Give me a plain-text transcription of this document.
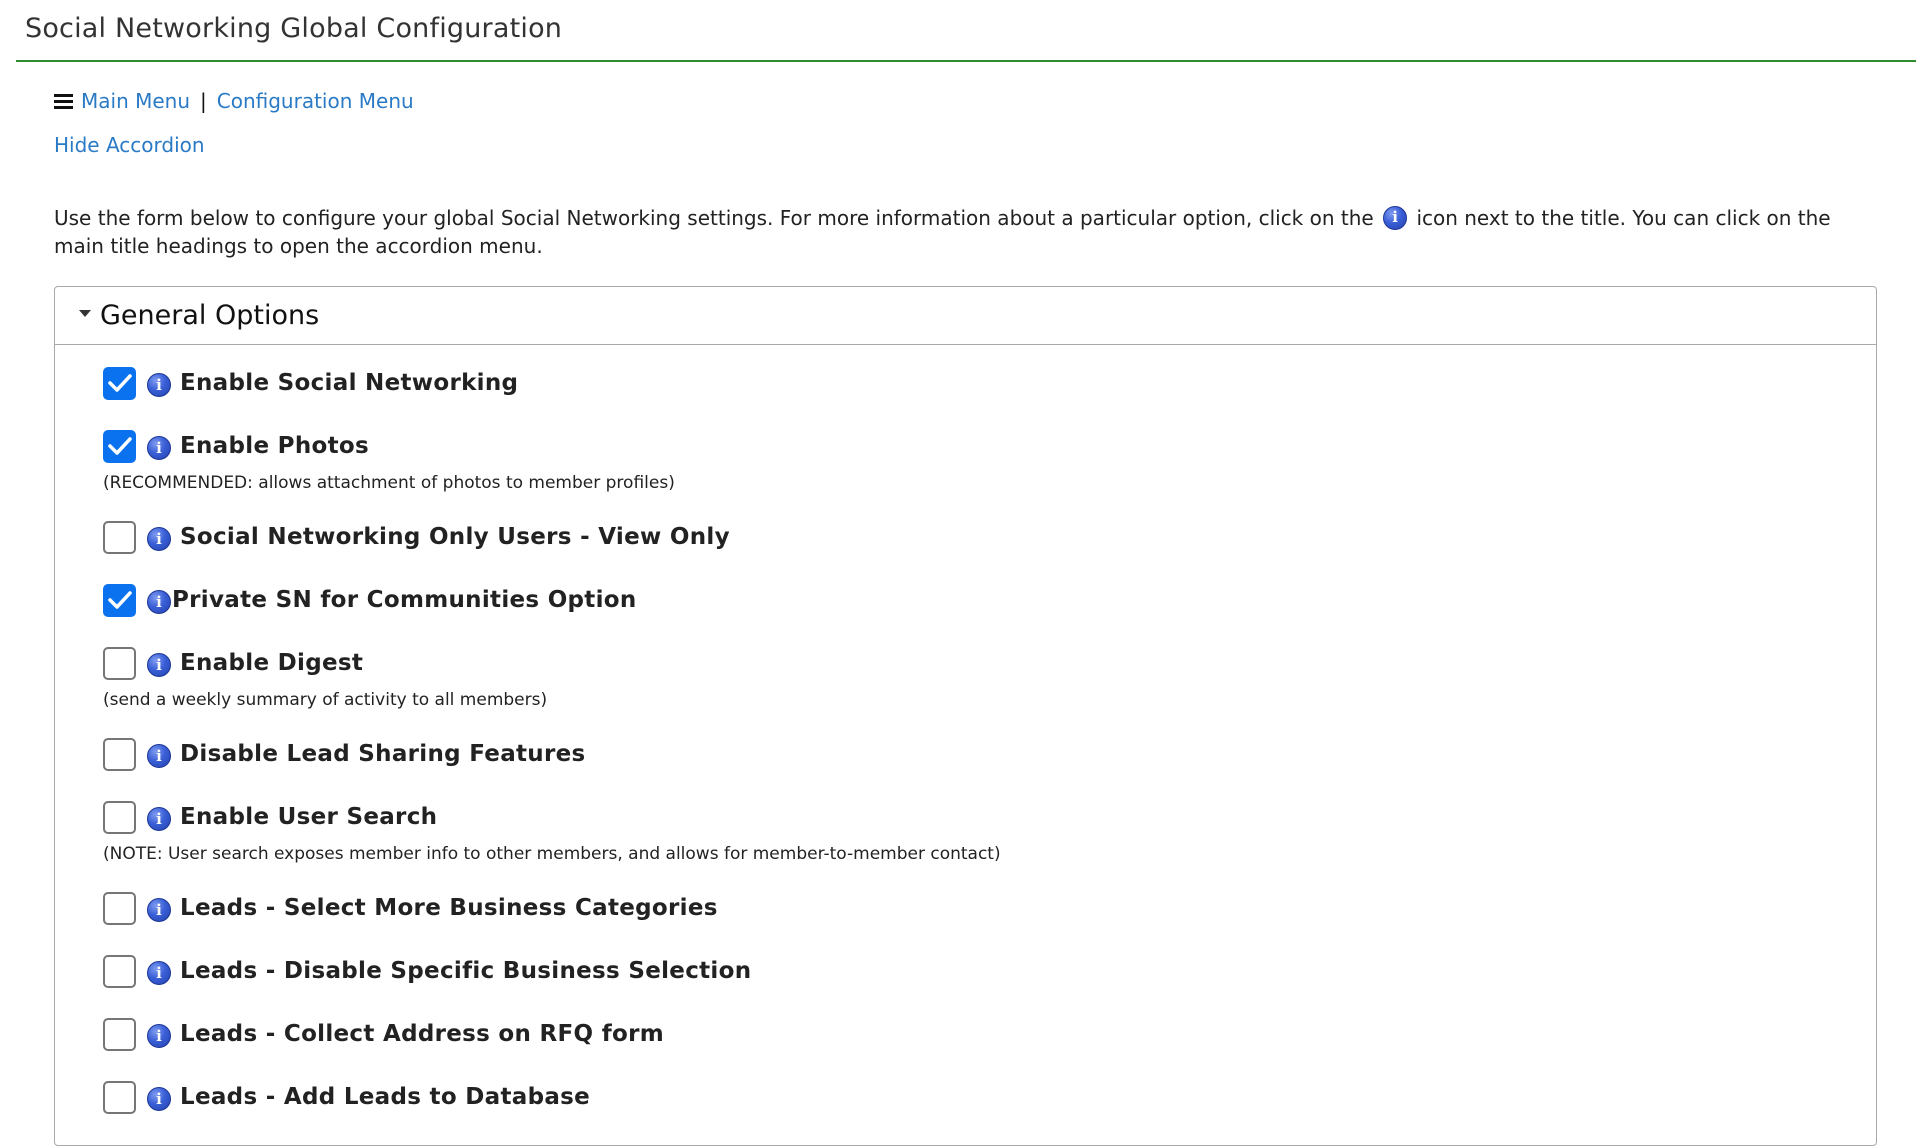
Social Networking Global Configuration
Main Menu | Configuration Menu
Hide Accordion

Use the form below to configure your global Social Networking settings. For more information about a particular option, click on the i icon next to the title. You can click on the main title headings to open the accordion menu.

General Options
i Enable Social Networking
i Enable Photos
(RECOMMENDED: allows attachment of photos to member profiles)
i Social Networking Only Users - View Only
i Private SN for Communities Option
i Enable Digest
(send a weekly summary of activity to all members)
i Disable Lead Sharing Features
i Enable User Search
(NOTE: User search exposes member info to other members, and allows for member-to-member contact)
i Leads - Select More Business Categories
i Leads - Disable Specific Business Selection
i Leads - Collect Address on RFQ form
i Leads - Add Leads to Database
